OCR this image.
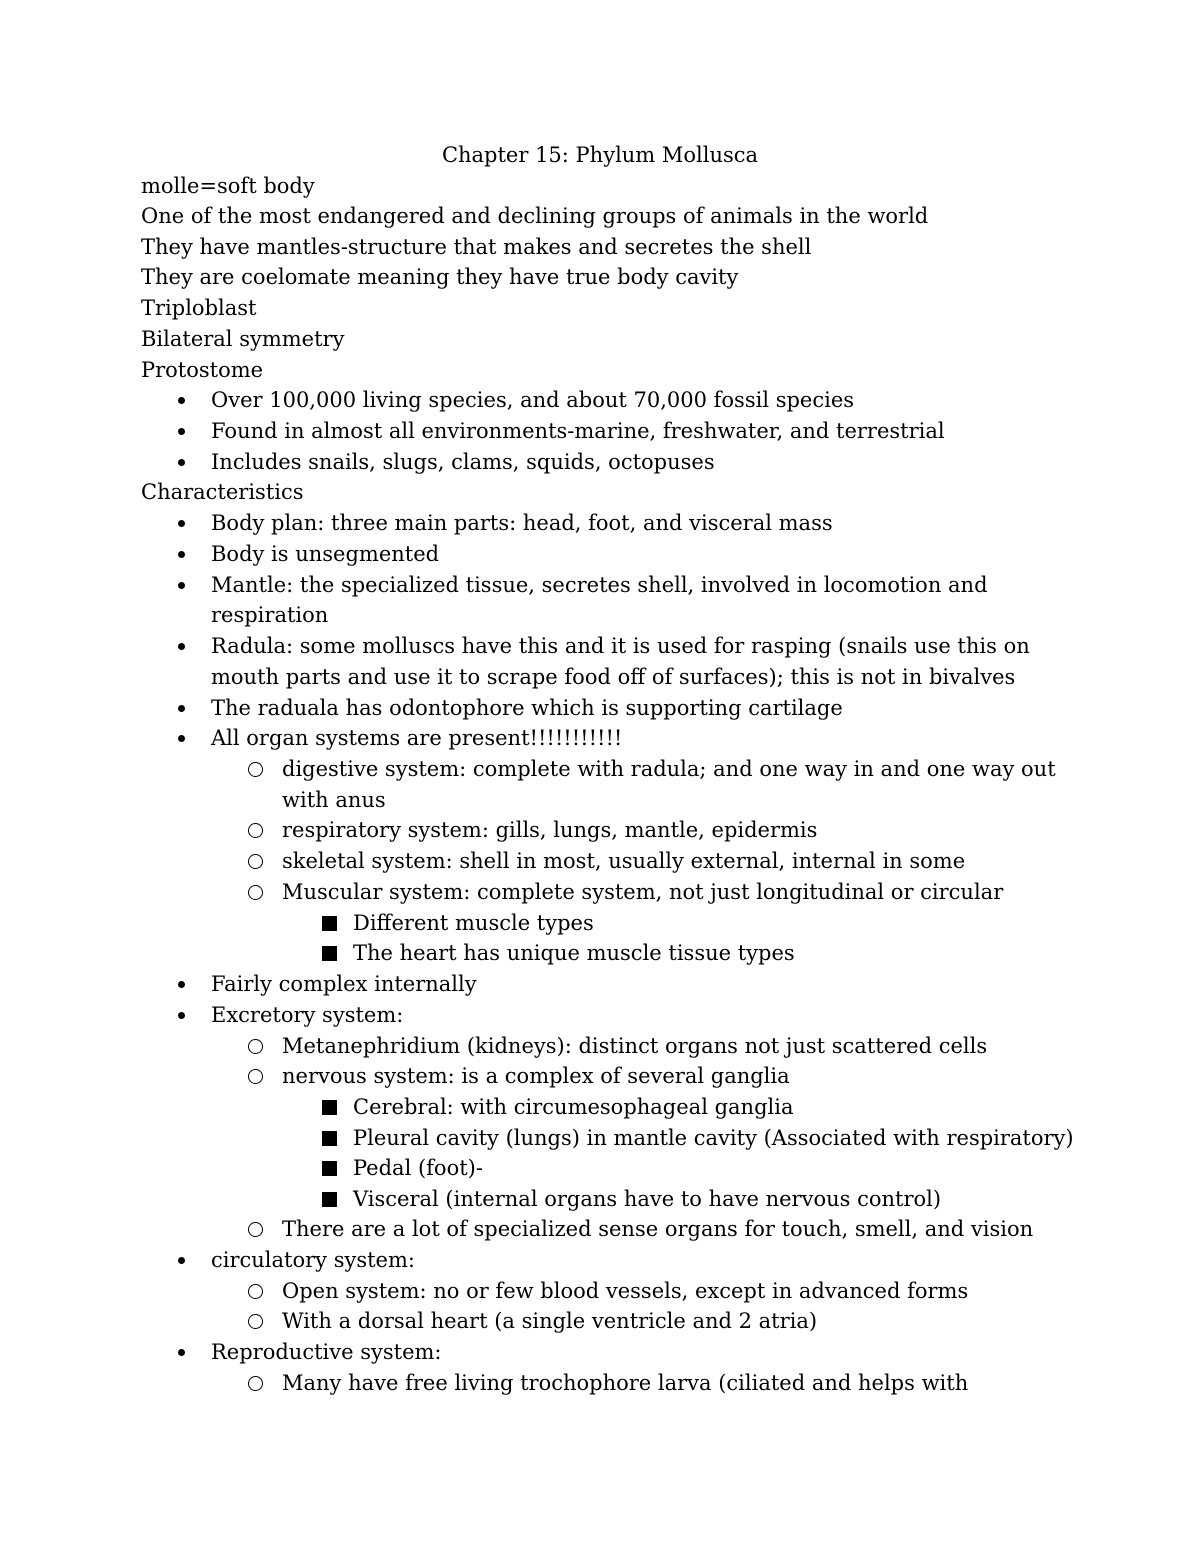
Chapter 15: Phylum Mollusca
molle=soft body
One of the most endangered and declining groups of animals in the world
They have mantles-structure that makes and secretes the shell
They are coelomate meaning they have true body cavity
Triploblast
Bilateral symmetry
Protostome
Over 100,000 living species, and about 70,000 fossil species
Found in almost all environments-marine, freshwater, and terrestrial
Includes snails, slugs, clams, squids, octopuses
Characteristics
Body plan: three main parts: head, foot, and visceral mass
Body is unsegmented
Mantle: the specialized tissue, secretes shell, involved in locomotion and
respiration
Radula: some molluscs have this and it is used for rasping (snails use this on
mouth parts and use it to scrape food off of surfaces); this is not in bivalves
The raduala has odontophore which is supporting cartilage
All organ systems are present!!!!!!!!!!!
digestive system: complete with radula; and one way in and one way out
with anus
respiratory system: gills, lungs, mantle, epidermis
skeletal system: shell in most, usually external, internal in some
Muscular system: complete system, not just longitudinal or circular
Different muscle types
The heart has unique muscle tissue types
Fairly complex internally
Excretory system:
Metanephridium (kidneys): distinct organs not just scattered cells
nervous system: is a complex of several ganglia
Cerebral: with circumesophageal ganglia
Pleural cavity (lungs) in mantle cavity (Associated with respiratory)
Pedal (foot)-
Visceral (internal organs have to have nervous control)
There are a lot of specialized sense organs for touch, smell, and vision
circulatory system:
Open system: no or few blood vessels, except in advanced forms
With a dorsal heart (a single ventricle and 2 atria)
Reproductive system:
Many have free living trochophore larva (ciliated and helps with
